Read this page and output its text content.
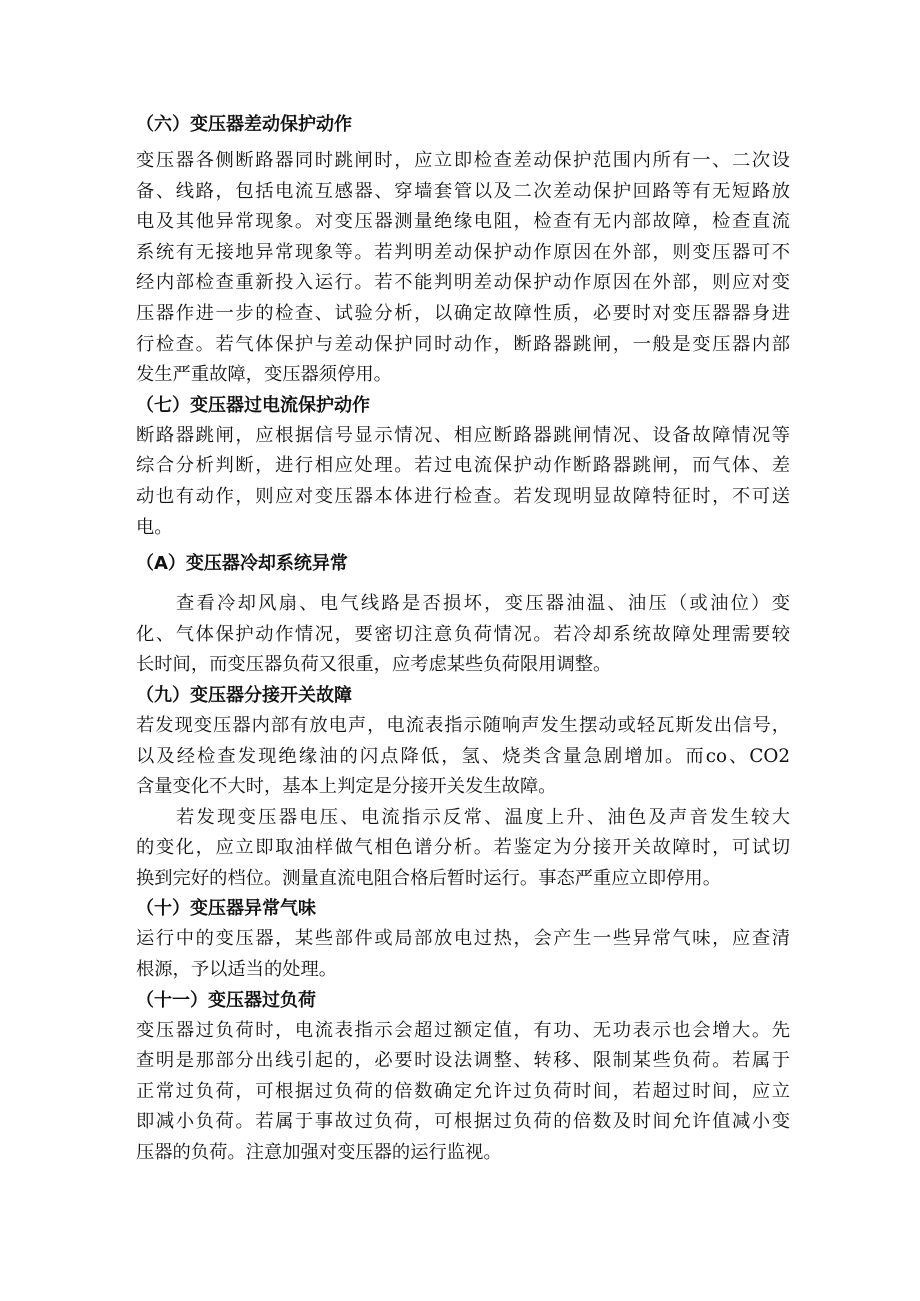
（六）变压器差动保护动作

变压器各侧断路器同时跳闸时，应立即检查差动保护范围内所有一、二次设
备、线路，包括电流互感器、穿墙套管以及二次差动保护回路等有无短路放
电及其他异常现象。对变压器测量绝缘电阻，检查有无内部故障，检查直流
系统有无接地异常现象等。若判明差动保护动作原因在外部，则变压器可不
经内部检查重新投入运行。若不能判明差动保护动作原因在外部，则应对变
压器作进一步的检查、试验分析，以确定故障性质，必要时对变压器器身进
行检查。若气体保护与差动保护同时动作，断路器跳闸，一般是变压器内部
发生严重故障，变压器须停用。

（七）变压器过电流保护动作

断路器跳闸，应根据信号显示情况、相应断路器跳闸情况、设备故障情况等
综合分析判断，进行相应处理。若过电流保护动作断路器跳闸，而气体、差
动也有动作，则应对变压器本体进行检查。若发现明显故障特征时，不可送
电。

（A）变压器冷却系统异常

查看冷却风扇、电气线路是否损坏，变压器油温、油压（或油位）变
化、气体保护动作情况，要密切注意负荷情况。若冷却系统故障处理需要较
长时间，而变压器负荷又很重，应考虑某些负荷限用调整。

（九）变压器分接开关故障

若发现变压器内部有放电声，电流表指示随响声发生摆动或轻瓦斯发出信号，
以及经检查发现绝缘油的闪点降低，氢、烧类含量急剧增加。而co、CO2
含量变化不大时，基本上判定是分接开关发生故障。

若发现变压器电压、电流指示反常、温度上升、油色及声音发生较大
的变化，应立即取油样做气相色谱分析。若鉴定为分接开关故障时，可试切
换到完好的档位。测量直流电阻合格后暂时运行。事态严重应立即停用。

（十）变压器异常气味

运行中的变压器，某些部件或局部放电过热，会产生一些异常气味，应查清
根源，予以适当的处理。

（十一）变压器过负荷

变压器过负荷时，电流表指示会超过额定值，有功、无功表示也会增大。先
查明是那部分出线引起的，必要时设法调整、转移、限制某些负荷。若属于
正常过负荷，可根据过负荷的倍数确定允许过负荷时间，若超过时间，应立
即减小负荷。若属于事故过负荷，可根据过负荷的倍数及时间允许值减小变
压器的负荷。注意加强对变压器的运行监视。
